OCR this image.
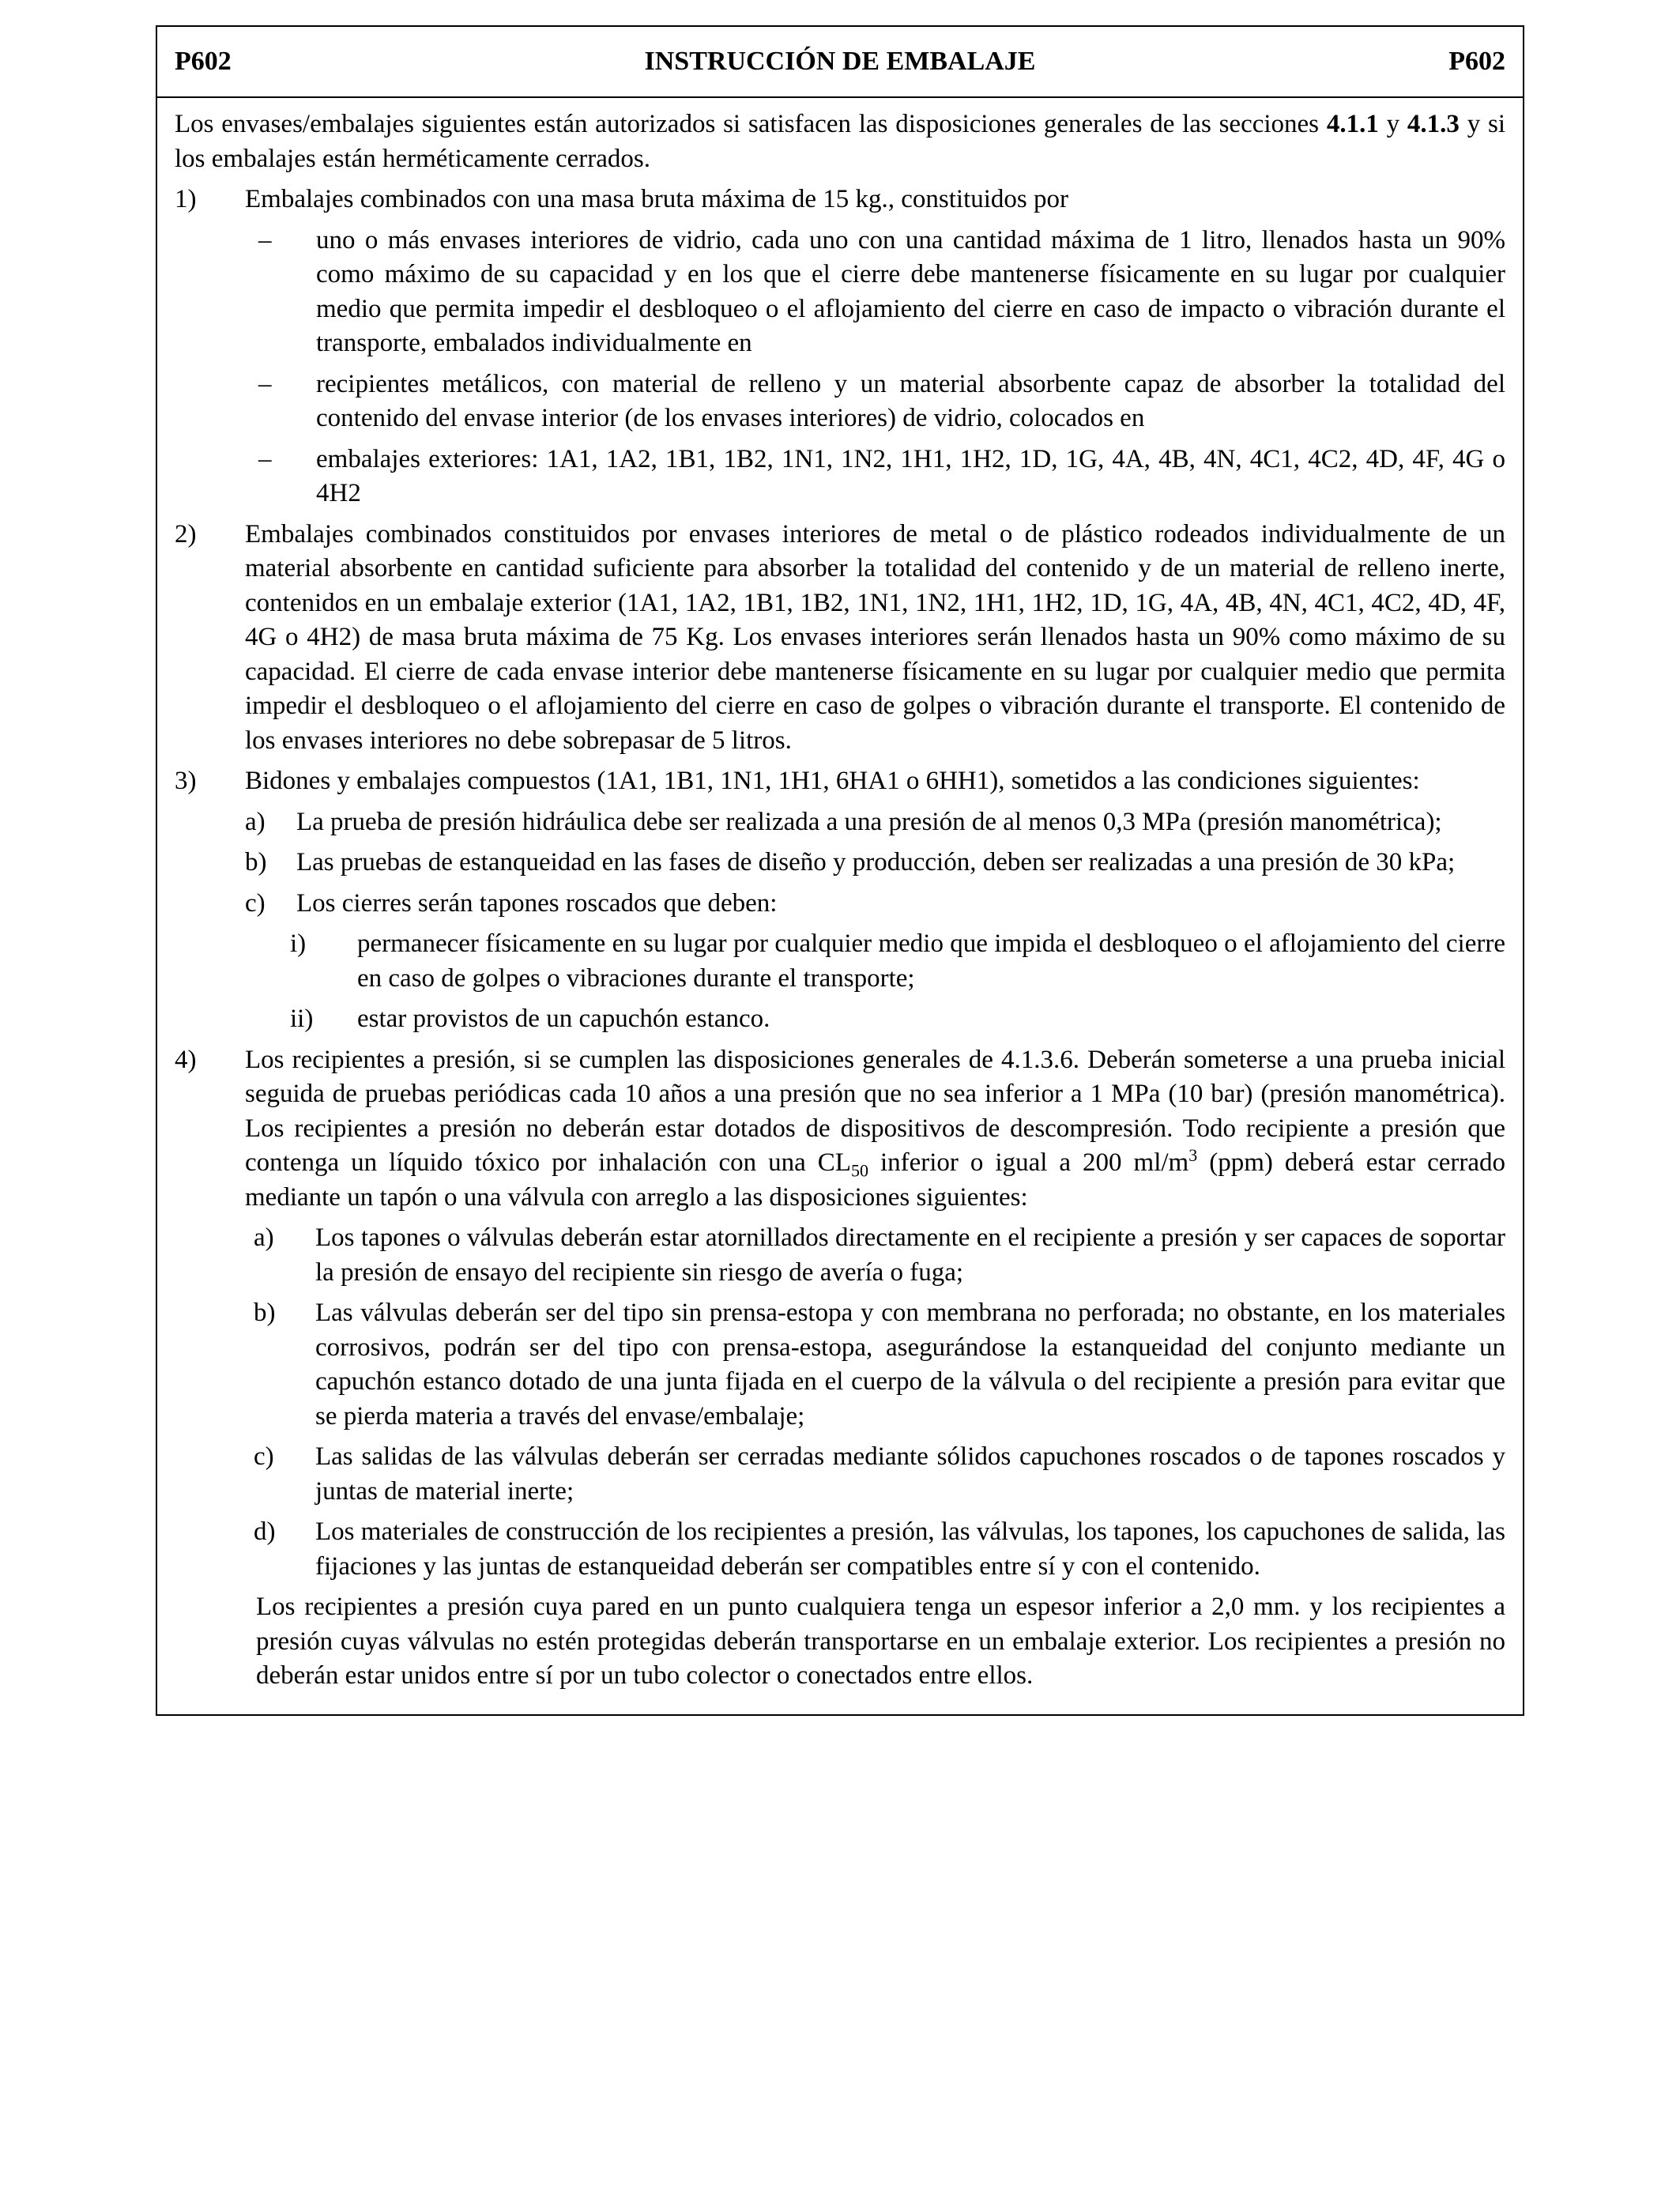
P602	INSTRUCCIÓN DE EMBALAJE	P602

Los envases/embalajes siguientes están autorizados si satisfacen las disposiciones generales de las secciones 4.1.1 y 4.1.3 y si los embalajes están herméticamente cerrados.

1) Embalajes combinados con una masa bruta máxima de 15 kg., constituidos por
– uno o más envases interiores de vidrio, cada uno con una cantidad máxima de 1 litro, llenados hasta un 90% como máximo de su capacidad y en los que el cierre debe mantenerse físicamente en su lugar por cualquier medio que permita impedir el desbloqueo o el aflojamiento del cierre en caso de impacto o vibración durante el transporte, embalados individualmente en
– recipientes metálicos, con material de relleno y un material absorbente capaz de absorber la totalidad del contenido del envase interior (de los envases interiores) de vidrio, colocados en
– embalajes exteriores: 1A1, 1A2, 1B1, 1B2, 1N1, 1N2, 1H1, 1H2, 1D, 1G, 4A, 4B, 4N, 4C1, 4C2, 4D, 4F, 4G o 4H2
2) Embalajes combinados constituidos por envases interiores de metal o de plástico rodeados individualmente de un material absorbente en cantidad suficiente para absorber la totalidad del contenido y de un material de relleno inerte, contenidos en un embalaje exterior (1A1, 1A2, 1B1, 1B2, 1N1, 1N2, 1H1, 1H2, 1D, 1G, 4A, 4B, 4N, 4C1, 4C2, 4D, 4F, 4G o 4H2) de masa bruta máxima de 75 Kg. Los envases interiores serán llenados hasta un 90% como máximo de su capacidad. El cierre de cada envase interior debe mantenerse físicamente en su lugar por cualquier medio que permita impedir el desbloqueo o el aflojamiento del cierre en caso de golpes o vibración durante el transporte. El contenido de los envases interiores no debe sobrepasar de 5 litros.
3) Bidones y embalajes compuestos (1A1, 1B1, 1N1, 1H1, 6HA1 o 6HH1), sometidos a las condiciones siguientes:
a) La prueba de presión hidráulica debe ser realizada a una presión de al menos 0,3 MPa (presión manométrica);
b) Las pruebas de estanqueidad en las fases de diseño y producción, deben ser realizadas a una presión de 30 kPa;
c) Los cierres serán tapones roscados que deben:
i) permanecer físicamente en su lugar por cualquier medio que impida el desbloqueo o el aflojamiento del cierre en caso de golpes o vibraciones durante el transporte;
ii) estar provistos de un capuchón estanco.
4) Los recipientes a presión, si se cumplen las disposiciones generales de 4.1.3.6. Deberán someterse a una prueba inicial seguida de pruebas periódicas cada 10 años a una presión que no sea inferior a 1 MPa (10 bar) (presión manométrica). Los recipientes a presión no deberán estar dotados de dispositivos de descompresión. Todo recipiente a presión que contenga un líquido tóxico por inhalación con una $CL_{50}$ inferior o igual a 200 $ml/m^3$ (ppm) deberá estar cerrado mediante un tapón o una válvula con arreglo a las disposiciones siguientes:
a) Los tapones o válvulas deberán estar atornillados directamente en el recipiente a presión y ser capaces de soportar la presión de ensayo del recipiente sin riesgo de avería o fuga;
b) Las válvulas deberán ser del tipo sin prensa-estopa y con membrana no perforada; no obstante, en los materiales corrosivos, podrán ser del tipo con prensa-estopa, asegurándose la estanqueidad del conjunto mediante un capuchón estanco dotado de una junta fijada en el cuerpo de la válvula o del recipiente a presión para evitar que se pierda materia a través del envase/embalaje;
c) Las salidas de las válvulas deberán ser cerradas mediante sólidos capuchones roscados o de tapones roscados y juntas de material inerte;
d) Los materiales de construcción de los recipientes a presión, las válvulas, los tapones, los capuchones de salida, las fijaciones y las juntas de estanqueidad deberán ser compatibles entre sí y con el contenido.

Los recipientes a presión cuya pared en un punto cualquiera tenga un espesor inferior a 2,0 mm. y los recipientes a presión cuyas válvulas no estén protegidas deberán transportarse en un embalaje exterior. Los recipientes a presión no deberán estar unidos entre sí por un tubo colector o conectados entre ellos.
